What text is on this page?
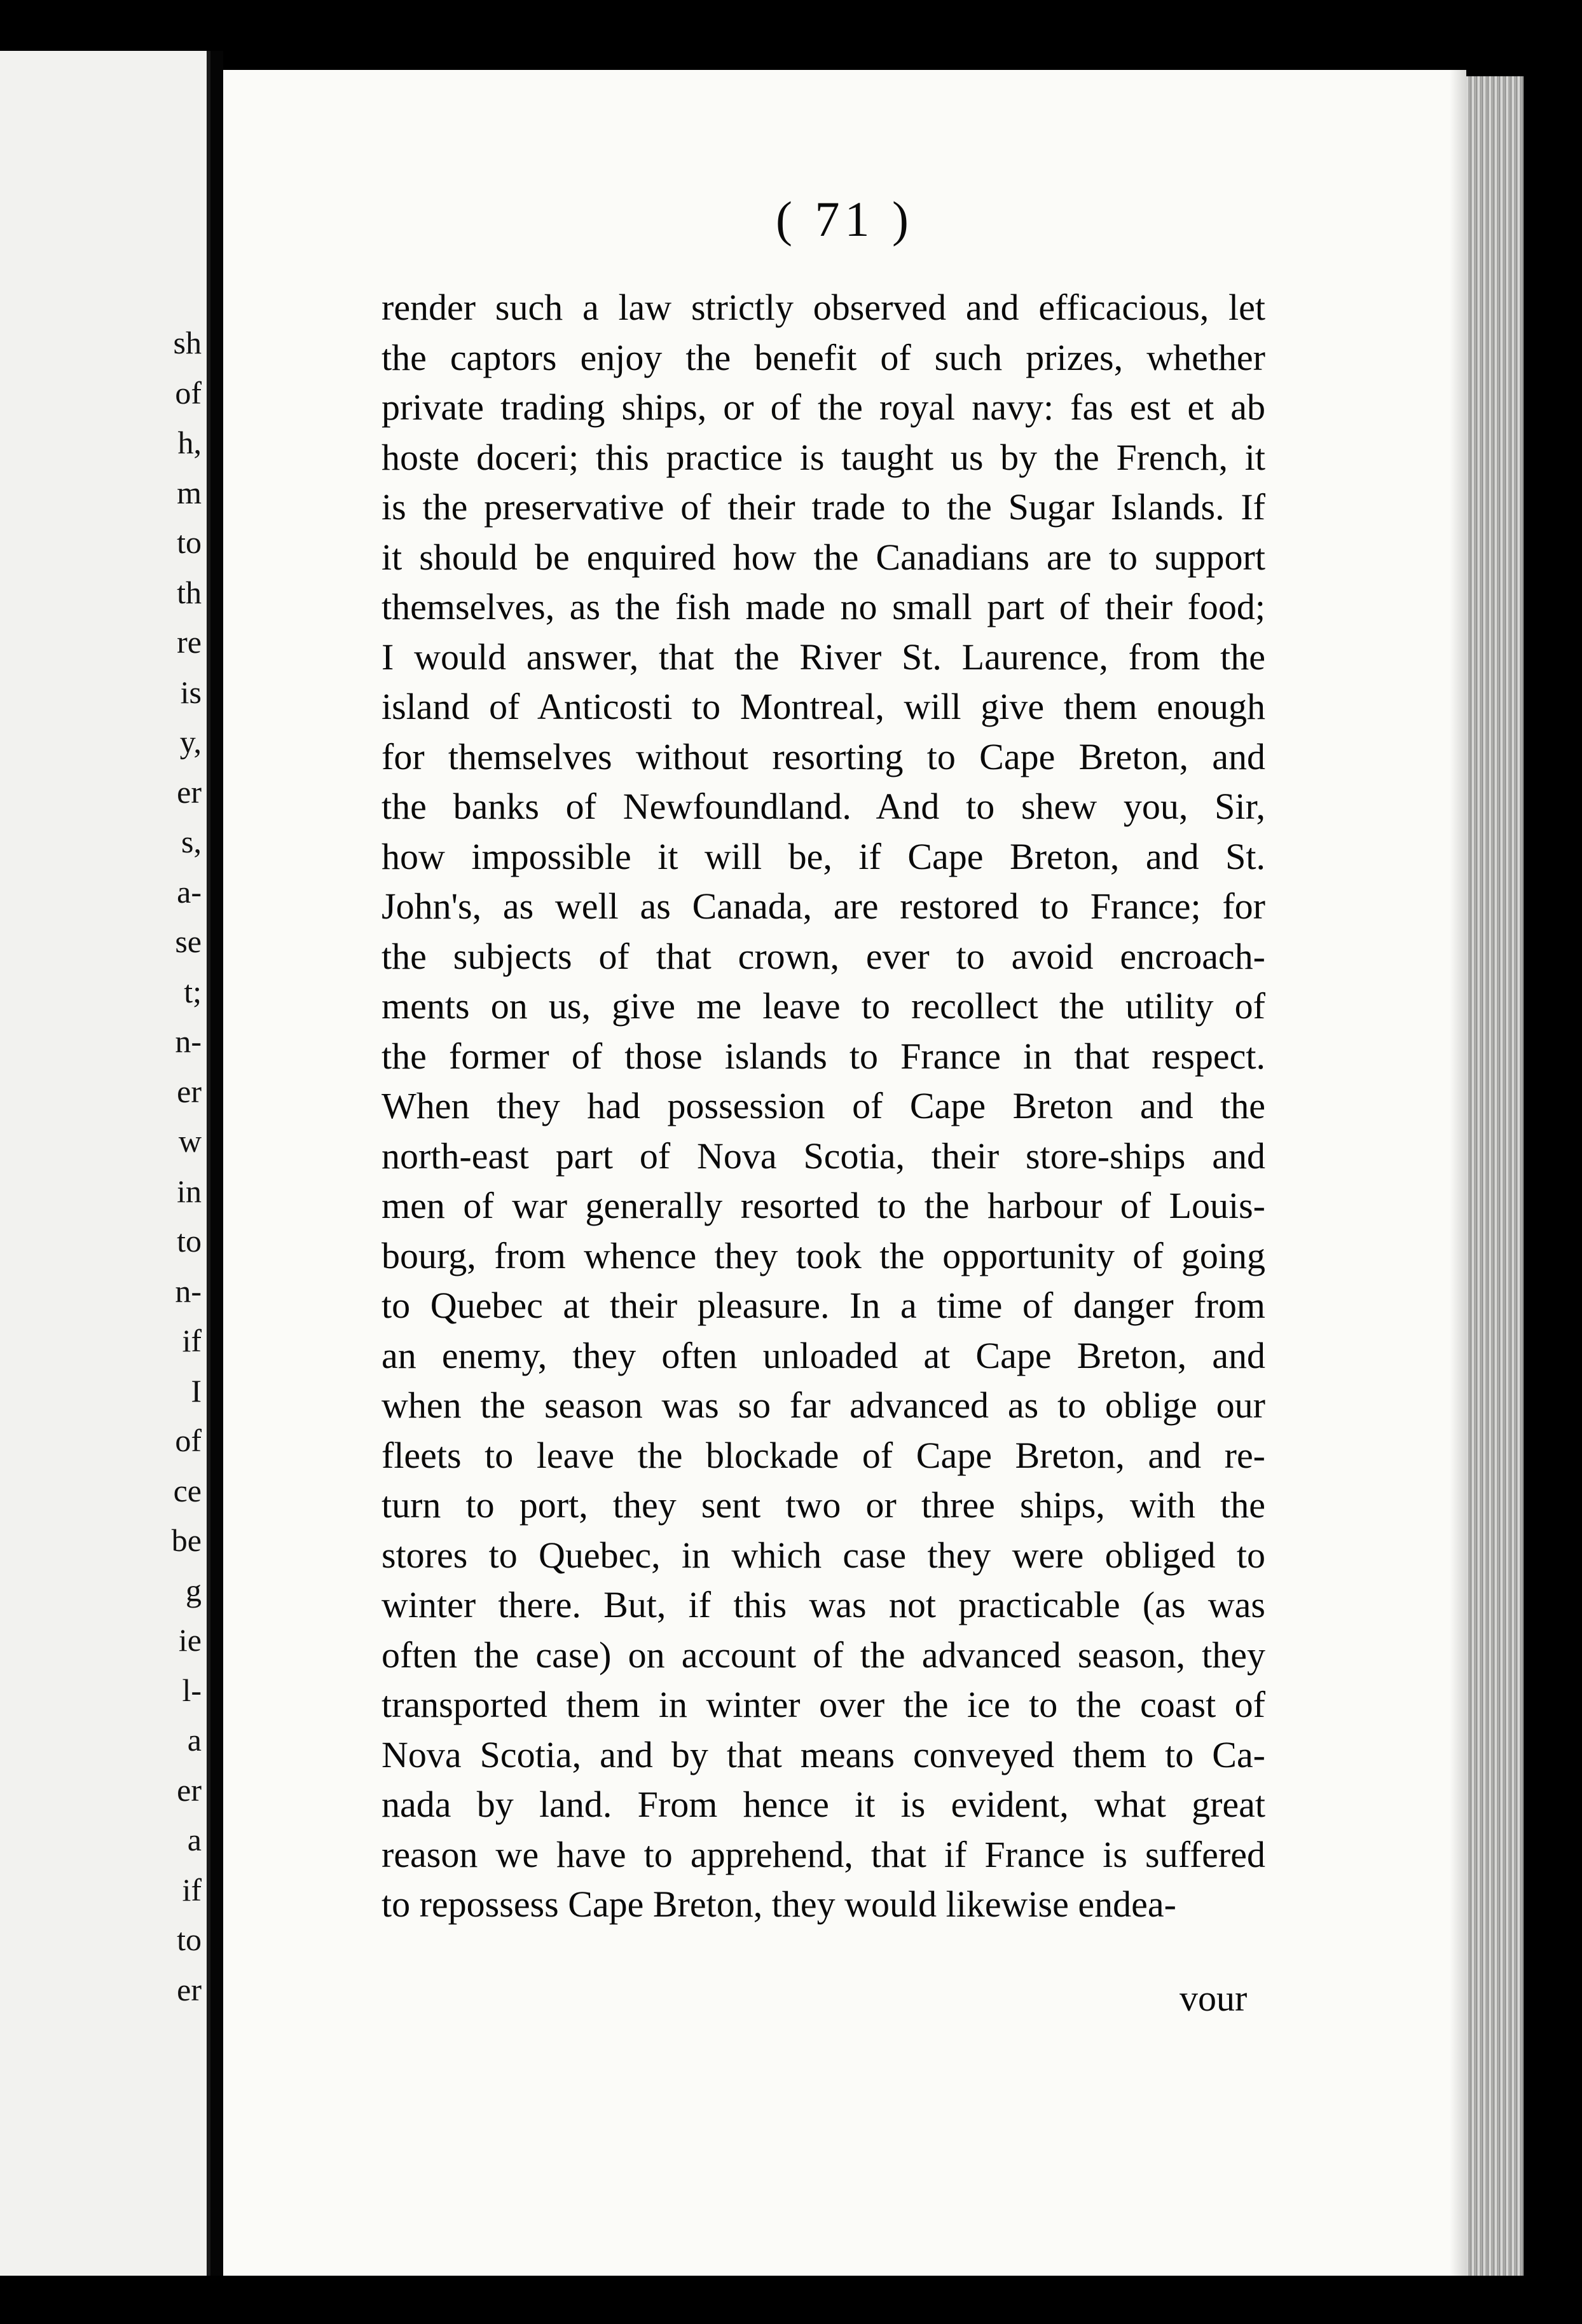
sh
of
h,
m
to
th
re
is
y,
er
s,
a-
se
t;
n-
er
w
in
to
n-
if
I
of
ce
be
g
ie
l-
a
er
a
if
to
er
( 71 )
render such a law strictly observed and efficacious, let
the captors enjoy the benefit of such prizes, whether
private trading ships, or of the royal navy: fas est et ab
hoste doceri; this practice is taught us by the French, it
is the preservative of their trade to the Sugar Islands. If
it should be enquired how the Canadians are to support
themselves, as the fish made no small part of their food;
I would answer, that the River St. Laurence, from the
island of Anticosti to Montreal, will give them enough
for themselves without resorting to Cape Breton, and
the banks of Newfoundland. And to shew you, Sir,
how impossible it will be, if Cape Breton, and St.
John's, as well as Canada, are restored to France; for
the subjects of that crown, ever to avoid encroach-
ments on us, give me leave to recollect the utility of
the former of those islands to France in that respect.
When they had possession of Cape Breton and the
north-east part of Nova Scotia, their store-ships and
men of war generally resorted to the harbour of Louis-
bourg, from whence they took the opportunity of going
to Quebec at their pleasure. In a time of danger from
an enemy, they often unloaded at Cape Breton, and
when the season was so far advanced as to oblige our
fleets to leave the blockade of Cape Breton, and re-
turn to port, they sent two or three ships, with the
stores to Quebec, in which case they were obliged to
winter there. But, if this was not practicable (as was
often the case) on account of the advanced season, they
transported them in winter over the ice to the coast of
Nova Scotia, and by that means conveyed them to Ca-
nada by land. From hence it is evident, what great
reason we have to apprehend, that if France is suffered
to repossess Cape Breton, they would likewise endea-
vour
